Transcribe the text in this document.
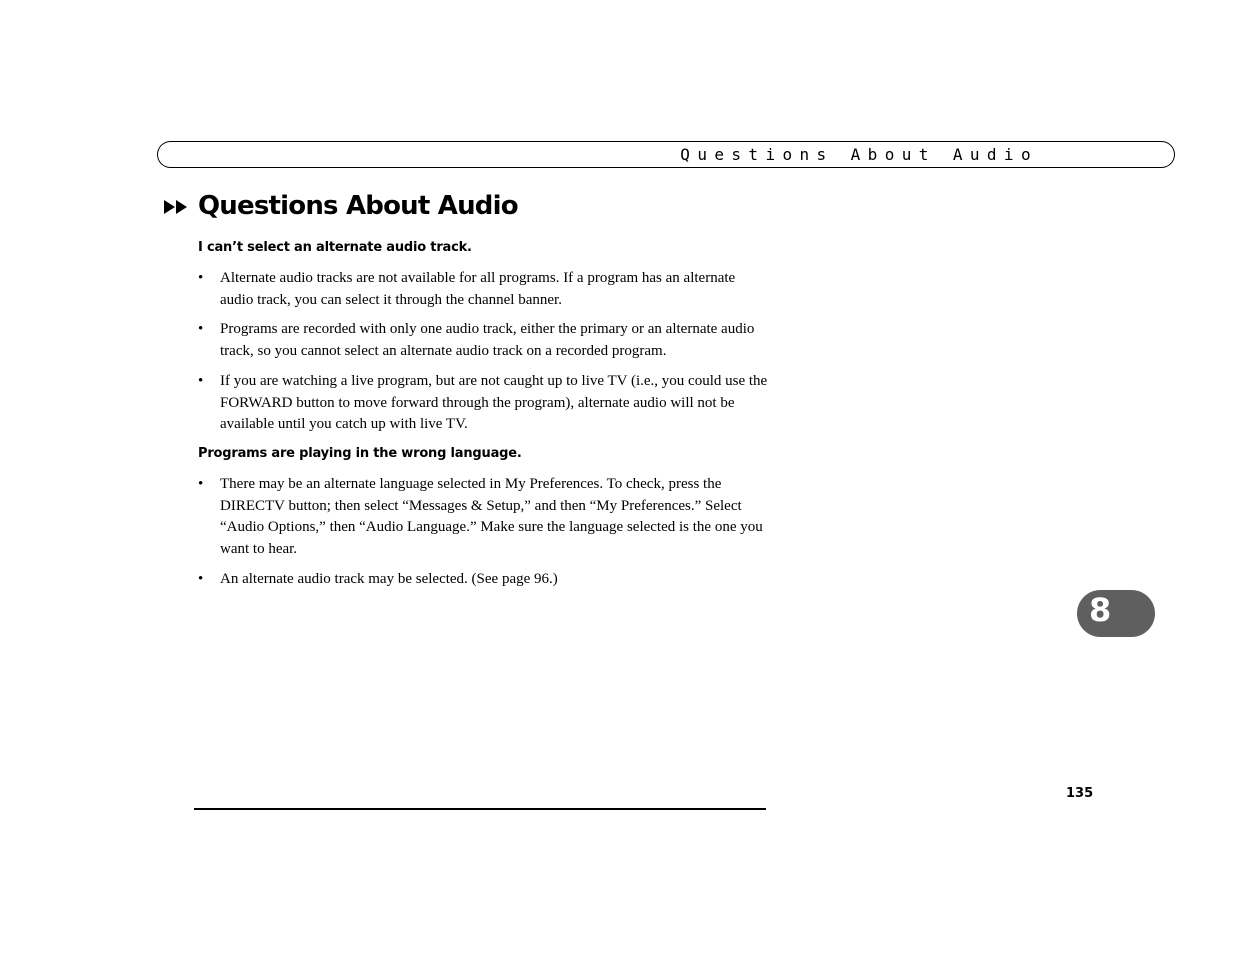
Questions About Audio
Questions About Audio

I can’t select an alternate audio track.

• Alternate audio tracks are not available for all programs. If a program has an alternate audio track, you can select it through the channel banner.
• Programs are recorded with only one audio track, either the primary or an alternate audio track, so you cannot select an alternate audio track on a recorded program.
• If you are watching a live program, but are not caught up to live TV (i.e., you could use the FORWARD button to move forward through the program), alternate audio will not be available until you catch up with live TV.

Programs are playing in the wrong language.

• There may be an alternate language selected in My Preferences. To check, press the DIRECTV button; then select “Messages & Setup,” and then “My Preferences.” Select “Audio Options,” then “Audio Language.” Make sure the language selected is the one you want to hear.
• An alternate audio track may be selected. (See page 96.)
8
135
